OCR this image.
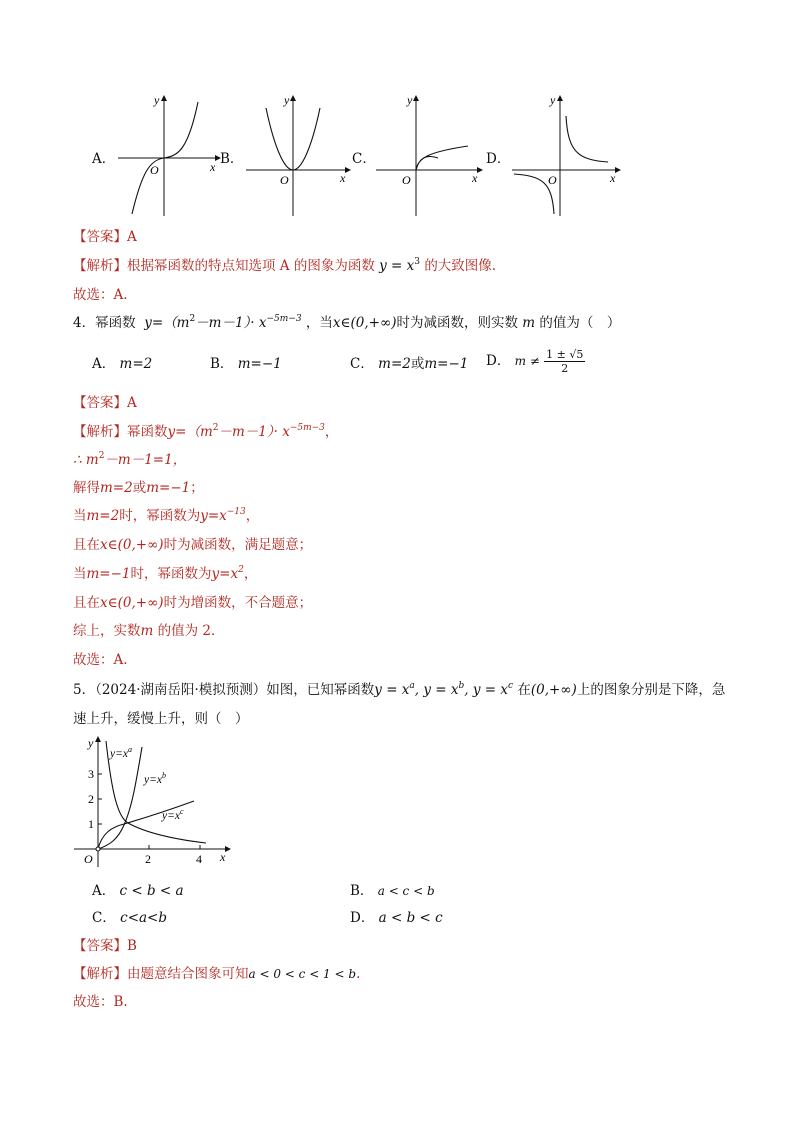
A．
y
x
O
B．
y
x
O
C．
y
x
O
D．
y
x
O
【答案】A
【解析】根据幂函数的特点知选项 A 的图象为函数 $y = x^3$ 的大致图像.
故选：A.
4．幂函数 $y=(m^2-m-1)\cdot x^{-5m-3}$ ，当x∈(0,+∞)时为减函数，则实数 m 的值为（　）
A． m=2	B． m=−1	C． m=2或m=−1 D． $m \ne \frac{1 \pm √5}{2}$
【答案】A
【解析】幂函数$y=(m^2-m-1)\cdot x^{-5m-3}$，
∴ $m^2-m-1=1$，
解得m=2或m=−1；
当m=2时，幂函数为$y=x^{-13}$，
且在x∈(0,+∞)时为减函数，满足题意；
当m=−1时，幂函数为$y=x^2$，
且在x∈(0,+∞)时为增函数，不合题意；
综上，实数m 的值为 2．
故选：A.
5．（2024·湖南岳阳·模拟预测）如图，已知幂函数$y = x^a$, $y = x^b$, $y = x^c$ 在(0,+∞)上的图象分别是下降，急
速上升，缓慢上升，则（　）
y
x
O
1
2
3
2	4
$y=x^a$
$y=x^b$
$y=x^c$
A． c < b < a	B． a < c < b
C． c<a<b	D． a < b < c
【答案】B
【解析】由题意结合图象可知a < 0 < c < 1 < b.
故选：B.
